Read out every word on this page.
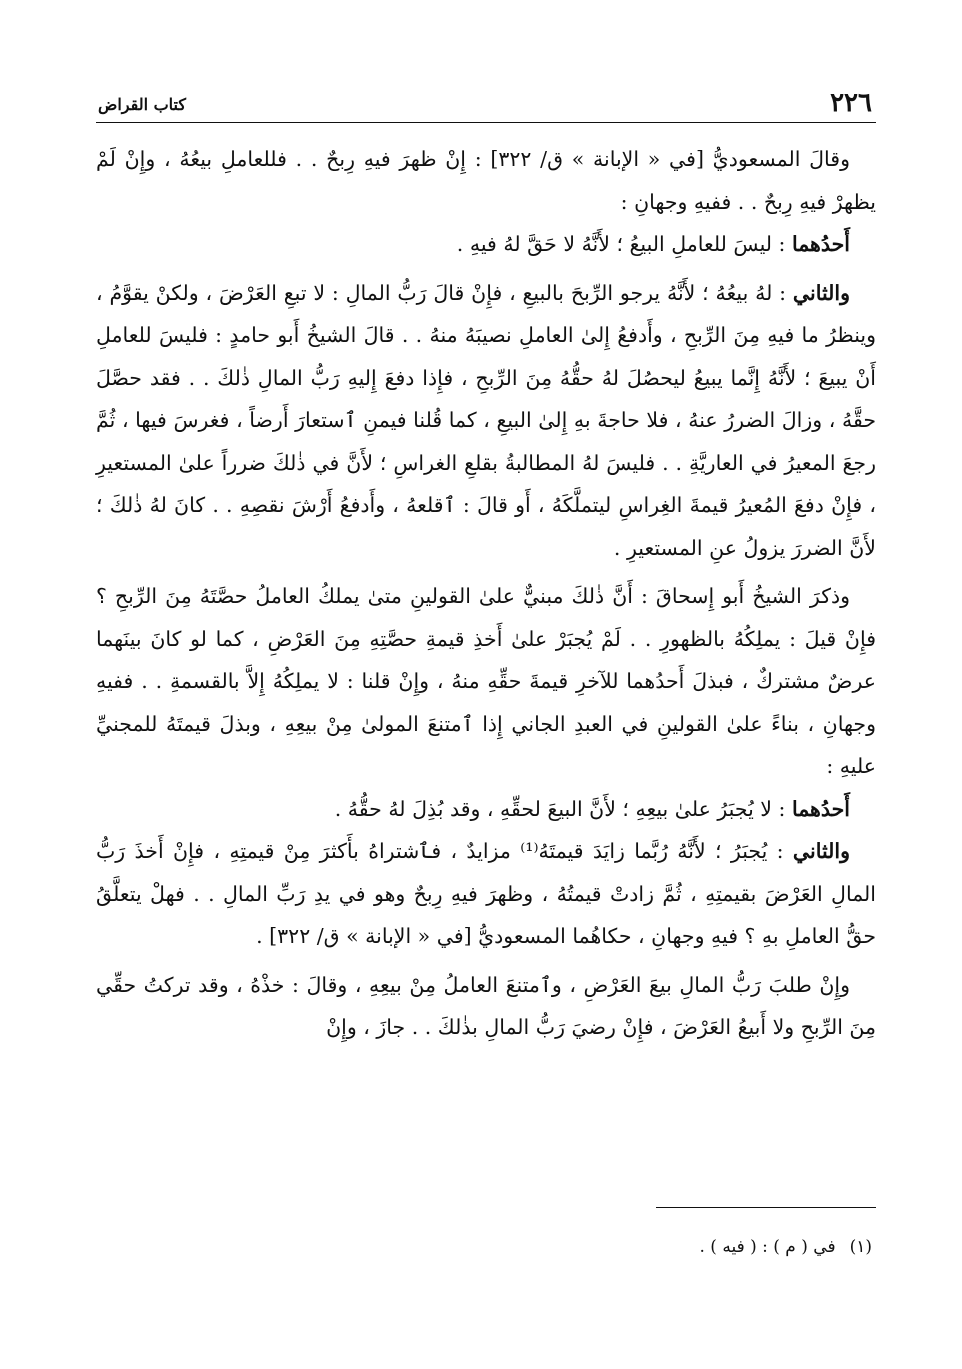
٢٢٦
كتاب القراض

وقالَ المسعوديُّ [في « الإبانة » ق/ ٣٢٢] : إِنْ ظهرَ فيهِ رِبحٌ . . فللعاملِ بيعُهُ ، وإِنْ لَمْ يظهرْ فيهِ رِبحٌ . . ففيهِ وجهانِ :

أَحدُهما : ليسَ للعاملِ البيعُ ؛ لأَنَّهُ لا حَقَّ لهُ فيهِ .

والثاني : لهُ بيعُهُ ؛ لأَنَّهُ يرجو الرِّبحَ بالبيعِ ، فإِنْ قالَ رَبُّ المالِ : لا تبعِ العَرْضَ ، ولكنْ يقوَّمُ ، وينظرُ ما فيهِ مِنَ الرِّبحِ ، وأَدفعُ إِلىٰ العاملِ نصيبَهُ منهُ . . قالَ الشيخُ أَبو حامدٍ : فليسَ للعاملِ أَنْ يبيعَ ؛ لأَنَّهُ إِنَّما يبيعُ ليحصُلَ لهُ حقُّهُ مِنَ الرِّبحِ ، فإِذا دفعَ إِليهِ رَبُّ المالِ ذٰلكَ . . فقد حصَّلَ حقَّهُ ، وزالَ الضررُ عنهُ ، فلا حاجةَ بهِ إِلىٰ البيعِ ، كما قُلنا فيمنِ ٱستعارَ أَرضاً ، فغرسَ فيها ، ثُمَّ رجعَ المعيرُ في العاريَّةِ . . فليسَ لهُ المطالبةُ بقلعِ الغراسِ ؛ لأَنَّ في ذٰلكَ ضرراً علىٰ المستعيرِ ، فإِنْ دفعَ المُعيرُ قيمةَ الغِراسِ ليتملَّكَهُ ، أَو قالَ : ٱقلعهُ ، وأَدفعُ أَرْشَ نقصِهِ . . كانَ لهُ ذٰلكَ ؛ لأَنَّ الضررَ يزولُ عنِ المستعيرِ .

وذكرَ الشيخُ أَبو إِسحاقَ : أَنَّ ذٰلكَ مبنيٌّ علىٰ القولينِ متىٰ يملكُ العاملُ حصَّتَهُ مِنَ الرِّبحِ ؟ فإِنْ قيلَ : يملِكُهُ بالظهورِ . . لَمْ يُجبَرْ علىٰ أَخذِ قيمةِ حصَّتِهِ مِنَ العَرْضِ ، كما لو كانَ بينَهما عرضٌ مشتركٌ ، فبذلَ أَحدُهما للآخرِ قيمةَ حقِّهِ منهُ ، وإِنْ قلنا : لا يملِكُهُ إِلاَّ بالقسمةِ . . ففيهِ وجهانِ ، بناءً علىٰ القولينِ في العبدِ الجاني إِذا ٱمتنعَ المولىٰ مِنْ بيعِهِ ، وبذلَ قيمتَهُ للمجنيِّ عليهِ :

أَحدُهما : لا يُجبَرُ علىٰ بيعِهِ ؛ لأَنَّ البيعَ لحقِّهِ ، وقد بُذِلَ لهُ حقُّهُ .

والثاني : يُجبَرُ ؛ لأَنَّهُ رُبَّما زايَدَ قيمتَهُ⁽¹⁾ مزايدٌ ، فٱشتراهُ بأَكثرَ مِنْ قيمتِهِ ، فإِنْ أَخذَ رَبُّ المالِ العَرْضَ بقيمتِهِ ، ثُمَّ زادتْ قيمتُهُ ، وظهرَ فيهِ رِبحٌ وهو في يدِ رَبِّ المالِ . . فهلْ يتعلَّقُ حقُّ العاملِ بهِ ؟ فيهِ وجهانِ ، حكاهُما المسعوديُّ [في « الإبانة » ق/ ٣٢٢] .

وإِنْ طلبَ رَبُّ المالِ بيعَ العَرْضِ ، وٱمتنعَ العاملُ مِنْ بيعِهِ ، وقالَ : خذْهُ ، وقد تركتُ حقِّي مِنَ الرِّبحِ ولا أَبيعُ العَرْضَ ، فإِنْ رضيَ رَبُّ المالِ بذٰلكَ . . جازَ ، وإِنْ

(١)في ( م ) : ( فيه ) .
